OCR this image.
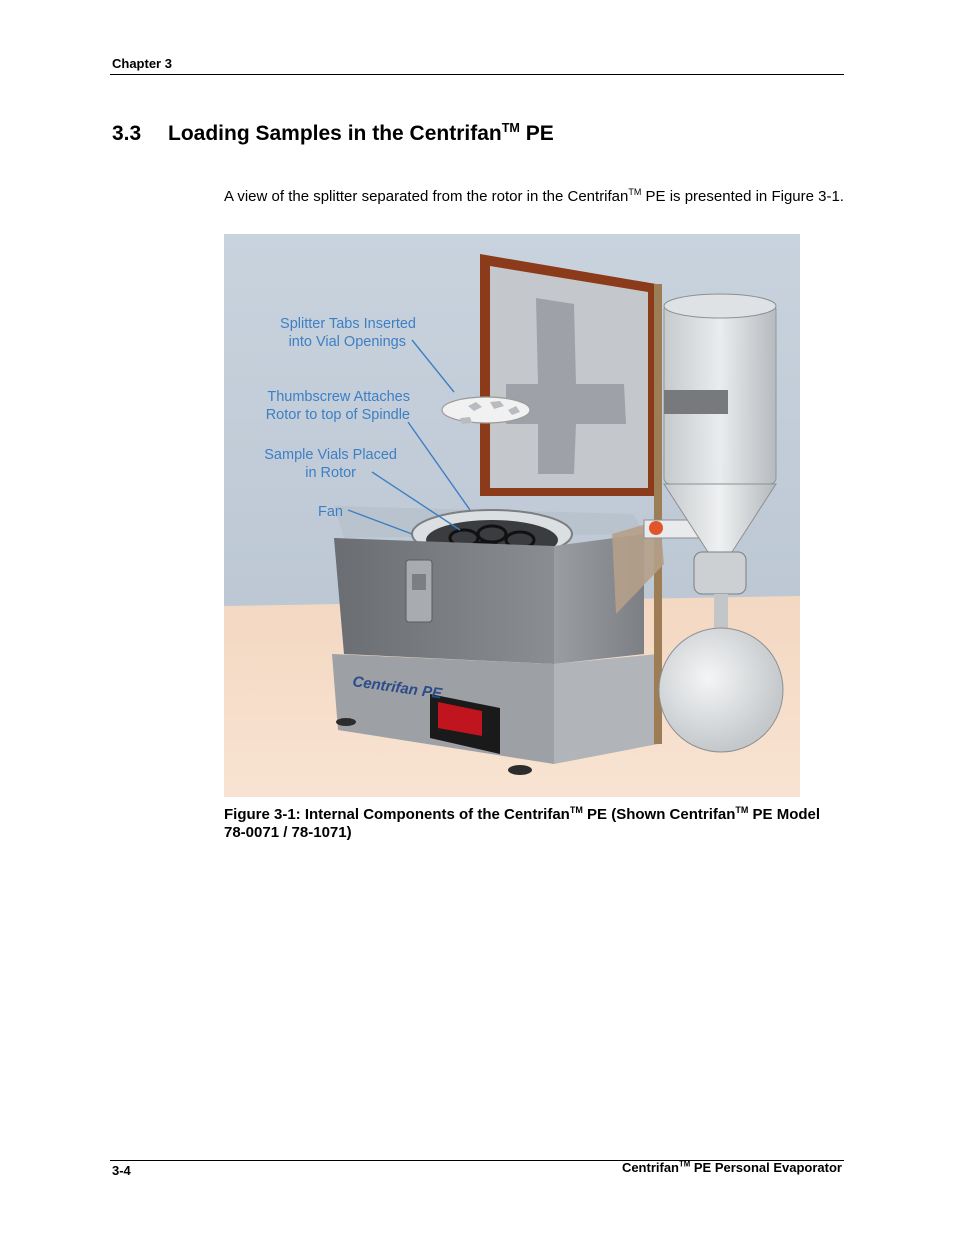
Chapter 3
3.3 Loading Samples in the Centrifan™ PE
A view of the splitter separated from the rotor in the Centrifan™ PE is presented in Figure 3-1.
Centrifan PE
Splitter Tabs Inserted
into Vial Openings
Thumbscrew Attaches
Rotor to top of Spindle
Sample Vials Placed
in Rotor
Fan
Figure 3-1: Internal Components of the Centrifan™ PE (Shown Centrifan™ PE Model 78-0071 / 78-1071)
3-4	Centrifan™ PE Personal Evaporator
